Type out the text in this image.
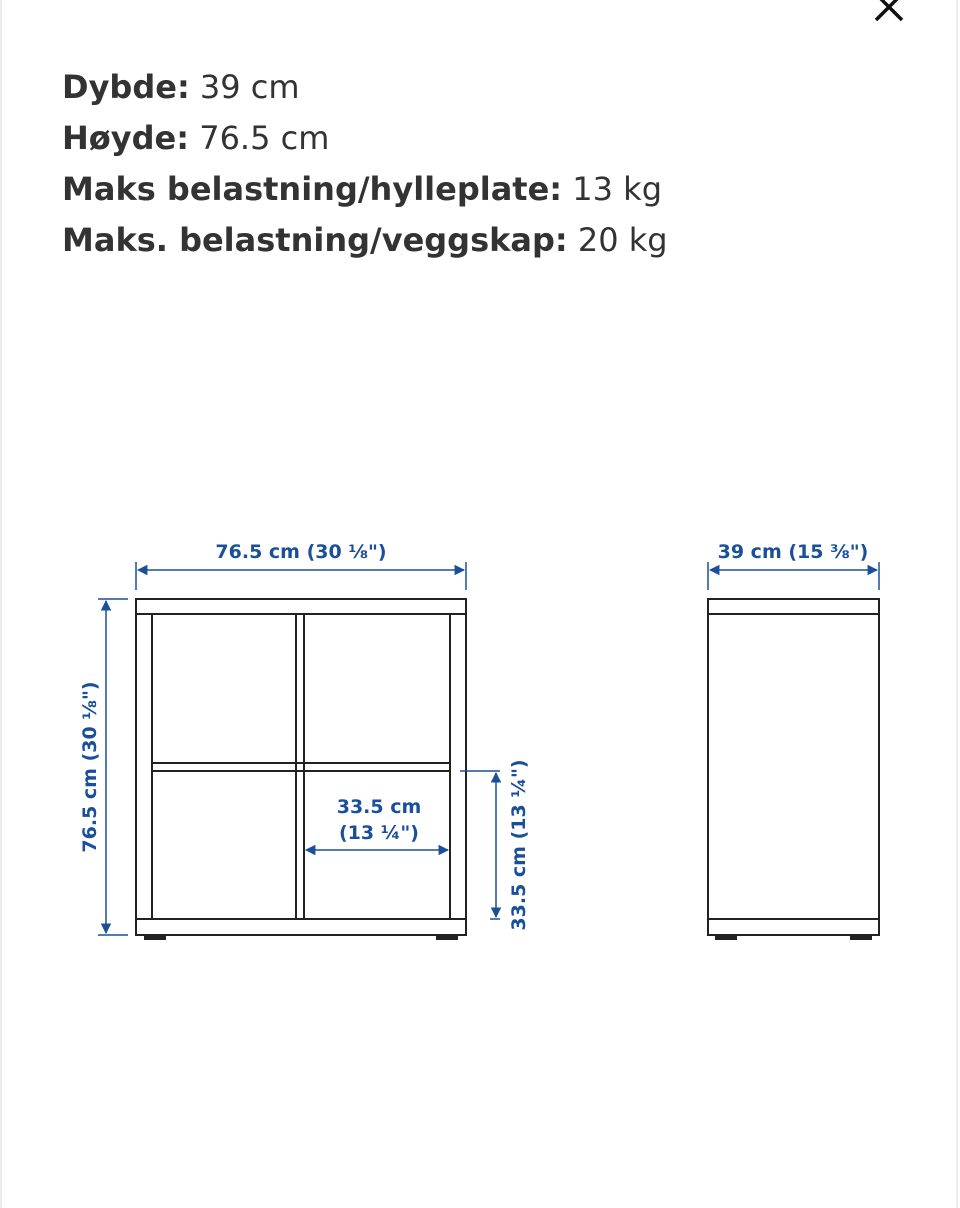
Dybde: 39 cm
Høyde: 76.5 cm
Maks belastning/hylleplate: 13 kg
Maks. belastning/veggskap: 20 kg
76.5 cm (30 ⅛")
76.5 cm (30 ⅛")	33.5 cm
(13 ¼")	33.5 cm (13 ¼")
39 cm (15 ⅜")
